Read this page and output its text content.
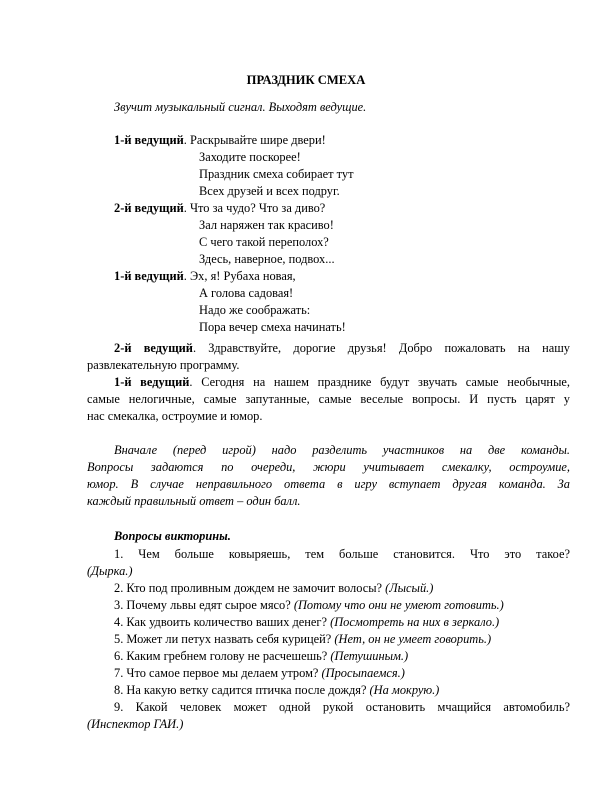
ПРАЗДНИК СМЕХА
Звучит музыкальный сигнал. Выходят ведущие.
1-й ведущий. Раскрывайте шире двери!
Заходите поскорее!
Праздник смеха собирает тут
Всех друзей и всех подруг.
2-й ведущий. Что за чудо? Что за диво?
Зал наряжен так красиво!
С чего такой переполох?
Здесь, наверное, подвох...
1-й ведущий. Эх, я! Рубаха новая,
А голова садовая!
Надо же соображать:
Пора вечер смеха начинать!
2-й ведущий. Здравствуйте, дорогие друзья! Добро пожаловать на нашу
развлекательную программу.
1-й ведущий. Сегодня на нашем празднике будут звучать самые необычные,
самые нелогичные, самые запутанные, самые веселые вопросы. И пусть царят у
нас смекалка, остроумие и юмор.
Вначале (перед игрой) надо разделить участников на две команды.
Вопросы задаются по очереди, жюри учитывает смекалку, остроумие,
юмор. В случае неправильного ответа в игру вступает другая команда. За
каждый правильный ответ – один балл.
Вопросы викторины.
1. Чем больше ковыряешь, тем больше становится. Что это такое?
(Дырка.)
2. Кто под проливным дождем не замочит волосы? (Лысый.)
3. Почему львы едят сырое мясо? (Потому что они не умеют готовить.)
4. Как удвоить количество ваших денег? (Посмотреть на них в зеркало.)
5. Может ли петух назвать себя курицей? (Нет, он не умеет говорить.)
6. Каким гребнем голову не расчешешь? (Петушиным.)
7. Что самое первое мы делаем утром? (Просыпаемся.)
8. На какую ветку садится птичка после дождя? (На мокрую.)
9. Какой человек может одной рукой остановить мчащийся автомобиль?
(Инспектор ГАИ.)
